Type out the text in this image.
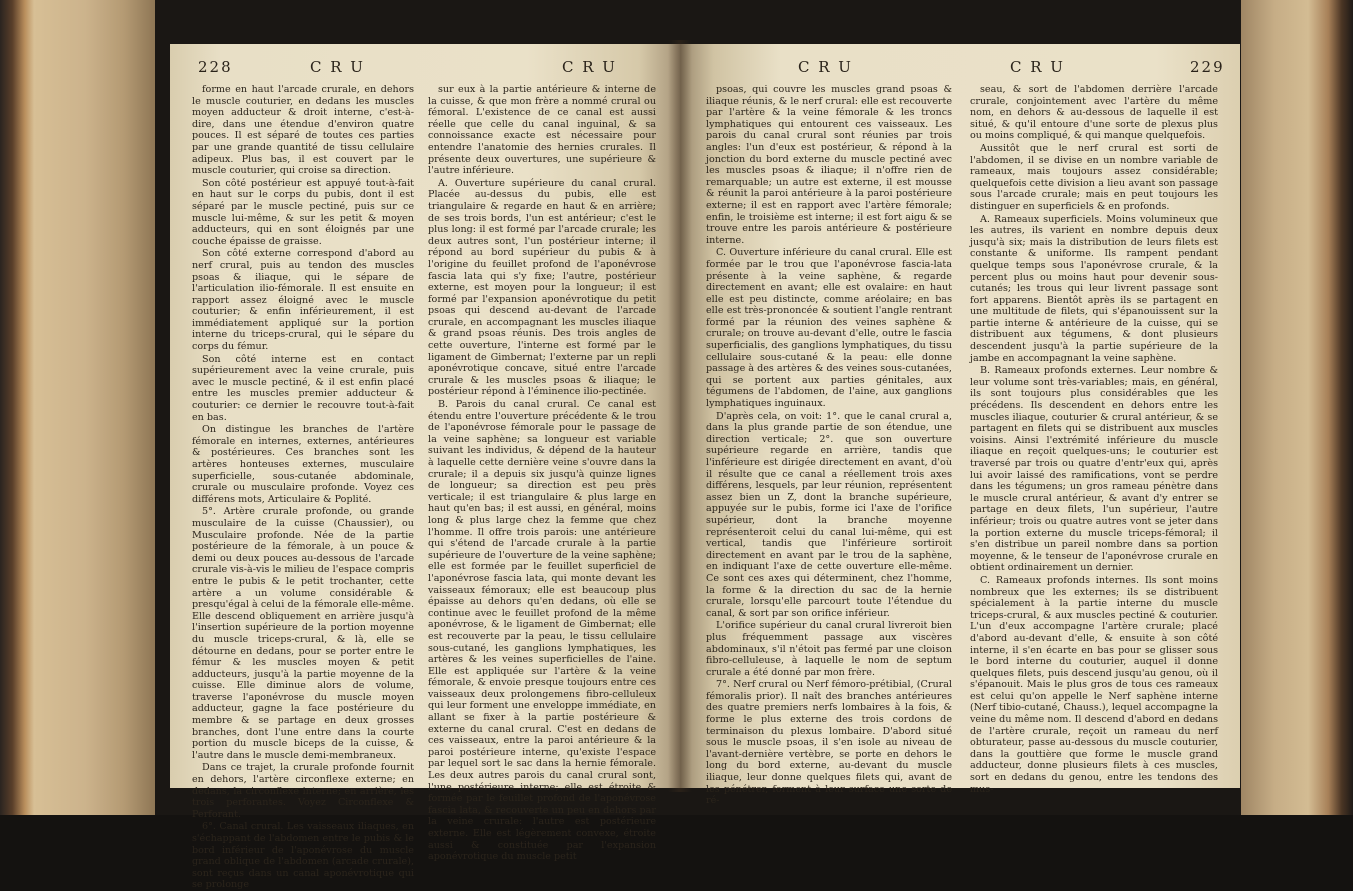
228	C R U	C R U

forme en haut l'arcade crurale, en dehors le muscle couturier, en dedans les muscles moyen adducteur & droit interne, c'est-à-dire, dans une étendue d'environ quatre pouces. Il est séparé de toutes ces parties par une grande quantité de tissu cellulaire adipeux. Plus bas, il est couvert par le muscle couturier, qui croise sa direction.

Son côté postérieur est appuyé tout-à-fait en haut sur le corps du pubis, dont il est séparé par le muscle pectiné, puis sur ce muscle lui-même, & sur les petit & moyen adducteurs, qui en sont éloignés par une couche épaisse de graisse.

Son côté externe correspond d'abord au nerf crural, puis au tendon des muscles psoas & iliaque, qui le sépare de l'articulation ilio-fémorale. Il est ensuite en rapport assez éloigné avec le muscle couturier; & enfin inférieurement, il est immédiatement appliqué sur la portion interne du triceps-crural, qui le sépare du corps du fémur.

Son côté interne est en contact supérieurement avec la veine crurale, puis avec le muscle pectiné, & il est enfin placé entre les muscles premier adducteur & couturier: ce dernier le recouvre tout-à-fait en bas.

On distingue les branches de l'artère fémorale en internes, externes, antérieures & postérieures. Ces branches sont les artères honteuses externes, musculaire superficielle, sous-cutanée abdominale, crurale ou musculaire profonde. Voyez ces différens mots, Articulaire & Poplité.

5°. Artère crurale profonde, ou grande musculaire de la cuisse (Chaussier), ou Musculaire profonde. Née de la partie postérieure de la fémorale, à un pouce & demi ou deux pouces au-dessous de l'arcade crurale vis-à-vis le milieu de l'espace compris entre le pubis & le petit trochanter, cette artère a un volume considérable & presqu'égal à celui de la fémorale elle-même. Elle descend obliquement en arrière jusqu'à l'insertion supérieure de la portion moyenne du muscle triceps-crural, & là, elle se détourne en dedans, pour se porter entre le fémur & les muscles moyen & petit adducteurs, jusqu'à la partie moyenne de la cuisse. Elle diminue alors de volume, traverse l'aponévrose du muscle moyen adducteur, gagne la face postérieure du membre & se partage en deux grosses branches, dont l'une entre dans la courte portion du muscle biceps de la cuisse, & l'autre dans le muscle demi-membraneux.

Dans ce trajet, la crurale profonde fournit en dehors, l'artère circonflexe externe; en dedans, la circonflexe interne; en arrière, les trois perforantes. Voyez Circonflexe & Perforant.

6°. Canal crural. Les vaisseaux iliaques, en s'échappant de l'abdomen entre le pubis & le bord inférieur de l'aponévrose du muscle grand oblique de l'abdomen (arcade crurale), sont reçus dans un canal aponévrotique qui se prolonge

sur eux à la partie antérieure & interne de la cuisse, & que mon frère a nommé crural ou fémoral. L'existence de ce canal est aussi réelle que celle du canal inguinal, & sa connoissance exacte est nécessaire pour entendre l'anatomie des hernies crurales. Il présente deux ouvertures, une supérieure & l'autre inférieure.

A. Ouverture supérieure du canal crural. Placée au-dessus du pubis, elle est triangulaire & regarde en haut & en arrière; de ses trois bords, l'un est antérieur; c'est le plus long: il est formé par l'arcade crurale; les deux autres sont, l'un postérieur interne; il répond au bord supérieur du pubis & à l'origine du feuillet profond de l'aponévrose fascia lata qui s'y fixe; l'autre, postérieur externe, est moyen pour la longueur; il est formé par l'expansion aponévrotique du petit psoas qui descend au-devant de l'arcade crurale, en accompagnant les muscles iliaque & grand psoas réunis. Des trois angles de cette ouverture, l'interne est formé par le ligament de Gimbernat; l'externe par un repli aponévrotique concave, situé entre l'arcade crurale & les muscles psoas & iliaque; le postérieur répond à l'éminence ilio-pectinée.

B. Parois du canal crural. Ce canal est étendu entre l'ouverture précédente & le trou de l'aponévrose fémorale pour le passage de la veine saphène; sa longueur est variable suivant les individus, & dépend de la hauteur à laquelle cette dernière veine s'ouvre dans la crurale; il a depuis six jusqu'à quinze lignes de longueur; sa direction est peu près verticale; il est triangulaire & plus large en haut qu'en bas; il est aussi, en général, moins long & plus large chez la femme que chez l'homme. Il offre trois parois: une antérieure qui s'étend de l'arcade crurale à la partie supérieure de l'ouverture de la veine saphène; elle est formée par le feuillet superficiel de l'aponévrose fascia lata, qui monte devant les vaisseaux fémoraux; elle est beaucoup plus épaisse au dehors qu'en dedans, où elle se continue avec le feuillet profond de la même aponévrose, & le ligament de Gimbernat; elle est recouverte par la peau, le tissu cellulaire sous-cutané, les ganglions lymphatiques, les artères & les veines superficielles de l'aine. Elle est appliquée sur l'artère & la veine fémorale, & envoie presque toujours entre ces vaisseaux deux prolongemens fibro-celluleux qui leur forment une enveloppe immédiate, en allant se fixer à la partie postérieure & externe du canal crural. C'est en dedans de ces vaisseaux, entre la paroi antérieure & la paroi postérieure interne, qu'existe l'espace par lequel sort le sac dans la hernie fémorale. Les deux autres parois du canal crural sont, l'une postérieure interne; elle est étroite & formée par le feuillet profond de l'aponévrose fascia lata, & recouverte un peu en dehors par la veine crurale: l'autre est postérieure externe. Elle est légèrement convexe, étroite aussi & constituée par l'expansion aponévrotique du muscle petit

C R U	C R U	229

psoas, qui couvre les muscles grand psoas & iliaque réunis, & le nerf crural: elle est recouverte par l'artère & la veine fémorale & les troncs lymphatiques qui entourent ces vaisseaux. Les parois du canal crural sont réunies par trois angles: l'un d'eux est postérieur, & répond à la jonction du bord externe du muscle pectiné avec les muscles psoas & iliaque; il n'offre rien de remarquable; un autre est externe, il est mousse & réunit la paroi antérieure à la paroi postérieure externe; il est en rapport avec l'artère fémorale; enfin, le troisième est interne; il est fort aigu & se trouve entre les parois antérieure & postérieure interne.

C. Ouverture inférieure du canal crural. Elle est formée par le trou que l'aponévrose fascia-lata présente à la veine saphène, & regarde directement en avant; elle est ovalaire: en haut elle est peu distincte, comme aréolaire; en bas elle est très-prononcée & soutient l'angle rentrant formé par la réunion des veines saphène & crurale; on trouve au-devant d'elle, outre le fascia superficialis, des ganglions lymphatiques, du tissu cellulaire sous-cutané & la peau: elle donne passage à des artères & des veines sous-cutanées, qui se portent aux parties génitales, aux tégumens de l'abdomen, de l'aine, aux ganglions lymphatiques inguinaux.

D'après cela, on voit: 1°. que le canal crural a, dans la plus grande partie de son étendue, une direction verticale; 2°. que son ouverture supérieure regarde en arrière, tandis que l'inférieure est dirigée directement en avant, d'où il résulte que ce canal a réellement trois axes différens, lesquels, par leur réunion, représentent assez bien un Z, dont la branche supérieure, appuyée sur le pubis, forme ici l'axe de l'orifice supérieur, dont la branche moyenne représenteroit celui du canal lui-même, qui est vertical, tandis que l'inférieure sortiroit directement en avant par le trou de la saphène, en indiquant l'axe de cette ouverture elle-même. Ce sont ces axes qui déterminent, chez l'homme, la forme & la direction du sac de la hernie crurale, lorsqu'elle parcourt toute l'étendue du canal, & sort par son orifice inférieur.

L'orifice supérieur du canal crural livreroit bien plus fréquemment passage aux viscères abdominaux, s'il n'étoit pas fermé par une cloison fibro-celluleuse, à laquelle le nom de septum crurale a été donné par mon frère.

7°. Nerf crural ou Nerf fémoro-prétibial, (Crural fémoralis prior). Il naît des branches antérieures des quatre premiers nerfs lombaires à la fois, & forme le plus externe des trois cordons de terminaison du plexus lombaire. D'abord situé sous le muscle psoas, il s'en isole au niveau de l'avant-dernière vertèbre, se porte en dehors le long du bord externe, au-devant du muscle iliaque, leur donne quelques filets qui, avant de les pénétrer, forment à leur surface une sorte de ré-

seau, & sort de l'abdomen derrière l'arcade crurale, conjointement avec l'artère du même nom, en dehors & au-dessous de laquelle il est situé, & qu'il entoure d'une sorte de plexus plus ou moins compliqué, & qui manque quelquefois.

Aussitôt que le nerf crural est sorti de l'abdomen, il se divise en un nombre variable de rameaux, mais toujours assez considérable; quelquefois cette division a lieu avant son passage sous l'arcade crurale; mais en peut toujours les distinguer en superficiels & en profonds.

A. Rameaux superficiels. Moins volumineux que les autres, ils varient en nombre depuis deux jusqu'à six; mais la distribution de leurs filets est constante & uniforme. Ils rampent pendant quelque temps sous l'aponévrose crurale, & la percent plus ou moins haut pour devenir sous-cutanés; les trous qui leur livrent passage sont fort apparens. Bientôt après ils se partagent en une multitude de filets, qui s'épanouissent sur la partie interne & antérieure de la cuisse, qui se distribuent aux tégumens, & dont plusieurs descendent jusqu'à la partie supérieure de la jambe en accompagnant la veine saphène.

B. Rameaux profonds externes. Leur nombre & leur volume sont très-variables; mais, en général, ils sont toujours plus considérables que les précédens. Ils descendent en dehors entre les muscles iliaque, couturier & crural antérieur, & se partagent en filets qui se distribuent aux muscles voisins. Ainsi l'extrémité inférieure du muscle iliaque en reçoit quelques-uns; le couturier est traversé par trois ou quatre d'entr'eux qui, après lui avoir laissé des ramifications, vont se perdre dans les tégumens; un gros rameau pénètre dans le muscle crural antérieur, & avant d'y entrer se partage en deux filets, l'un supérieur, l'autre inférieur; trois ou quatre autres vont se jeter dans la portion externe du muscle triceps-fémoral; il s'en distribue un pareil nombre dans sa portion moyenne, & le tenseur de l'aponévrose crurale en obtient ordinairement un dernier.

C. Rameaux profonds internes. Ils sont moins nombreux que les externes; ils se distribuent spécialement à la partie interne du muscle triceps-crural, & aux muscles pectiné & couturier. L'un d'eux accompagne l'artère crurale; placé d'abord au-devant d'elle, & ensuite à son côté interne, il s'en écarte en bas pour se glisser sous le bord interne du couturier, auquel il donne quelques filets, puis descend jusqu'au genou, où il s'épanouit. Mais le plus gros de tous ces rameaux est celui qu'on appelle le Nerf saphène interne (Nerf tibio-cutané, Chauss.), lequel accompagne la veine du même nom. Il descend d'abord en dedans de l'artère crurale, reçoit un rameau du nerf obturateur, passe au-dessous du muscle couturier, dans la gouttière que forme le muscle grand adducteur, donne plusieurs filets à ces muscles, sort en dedans du genou, entre les tendons des mus-
